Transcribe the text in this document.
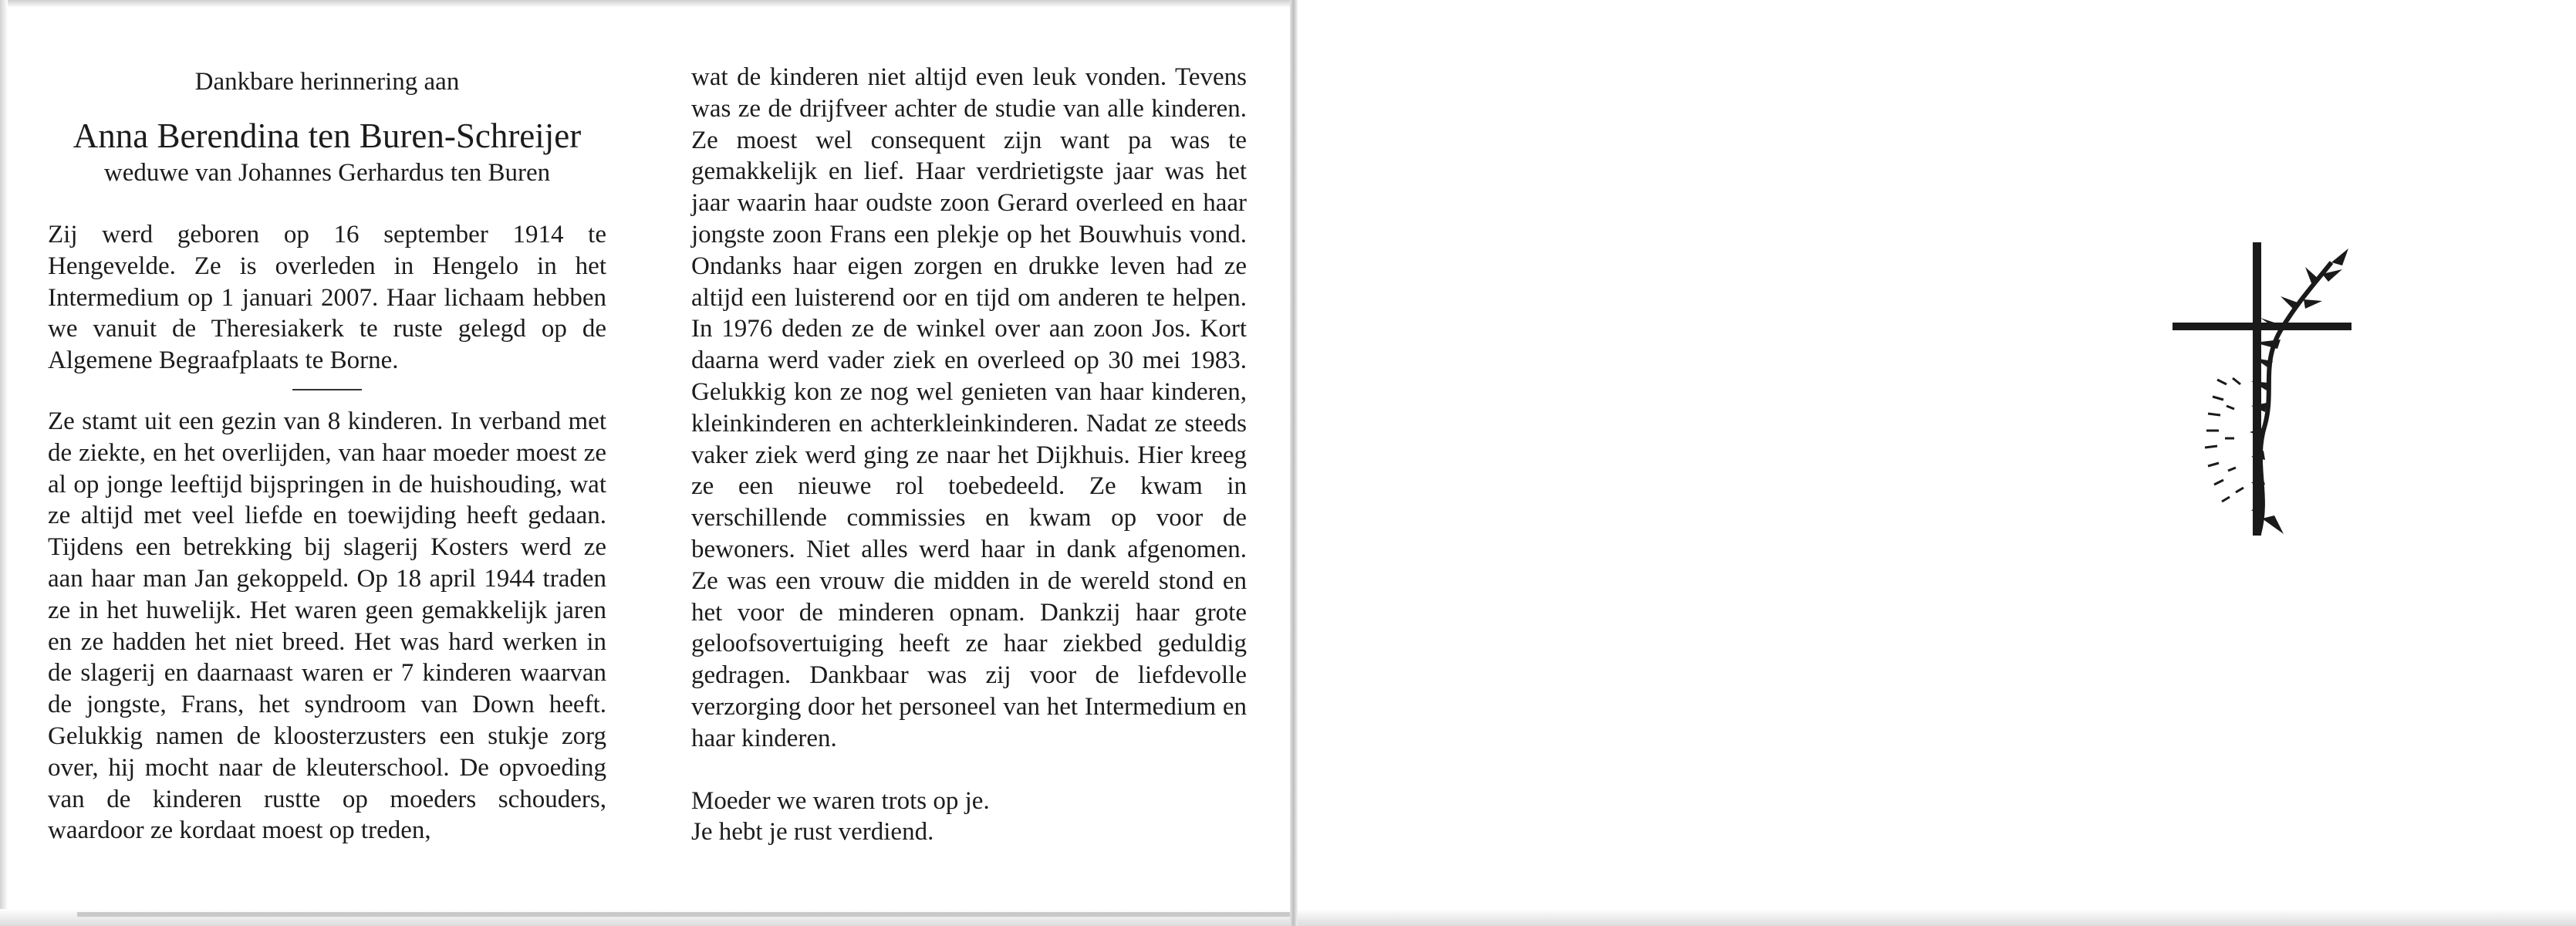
Dankbare herinnering aan

Anna Berendina ten Buren-Schreijer

weduwe van Johannes Gerhardus ten Buren

Zij werd geboren op 16 september 1914 te Hengevelde. Ze is overleden in Hengelo in het Intermedium op 1 januari 2007. Haar lichaam hebben we vanuit de Theresiakerk te ruste gelegd op de Algemene Begraafplaats te Borne.

Ze stamt uit een gezin van 8 kinderen. In verband met de ziekte, en het overlijden, van haar moeder moest ze al op jonge leeftijd bijspringen in de huishouding, wat ze altijd met veel liefde en toewijding heeft gedaan. Tijdens een betrekking bij slagerij Kosters werd ze aan haar man Jan gekoppeld. Op 18 april 1944 traden ze in het huwelijk. Het waren geen gemakkelijk jaren en ze hadden het niet breed. Het was hard werken in de slagerij en daarnaast waren er 7 kinderen waarvan de jongste, Frans, het syndroom van Down heeft. Gelukkig namen de kloosterzusters een stukje zorg over, hij mocht naar de kleuterschool. De opvoeding van de kinderen rustte op moeders schouders, waardoor ze kordaat moest op treden,

wat de kinderen niet altijd even leuk vonden. Tevens was ze de drijfveer achter de studie van alle kinderen. Ze moest wel consequent zijn want pa was te gemakkelijk en lief. Haar verdrietigste jaar was het jaar waarin haar oudste zoon Gerard overleed en haar jongste zoon Frans een plekje op het Bouwhuis vond. Ondanks haar eigen zorgen en drukke leven had ze altijd een luisterend oor en tijd om anderen te helpen. In 1976 deden ze de winkel over aan zoon Jos. Kort daarna werd vader ziek en overleed op 30 mei 1983. Gelukkig kon ze nog wel genieten van haar kinderen, kleinkinderen en achterkleinkinderen. Nadat ze steeds vaker ziek werd ging ze naar het Dijkhuis. Hier kreeg ze een nieuwe rol toebedeeld. Ze kwam in verschillende commissies en kwam op voor de bewoners. Niet alles werd haar in dank afgenomen. Ze was een vrouw die midden in de wereld stond en het voor de minderen opnam. Dankzij haar grote geloofsovertuiging heeft ze haar ziekbed geduldig gedragen. Dankbaar was zij voor de liefdevolle verzorging door het personeel van het Intermedium en haar kinderen.

Moeder we waren trots op je.
Je hebt je rust verdiend.
